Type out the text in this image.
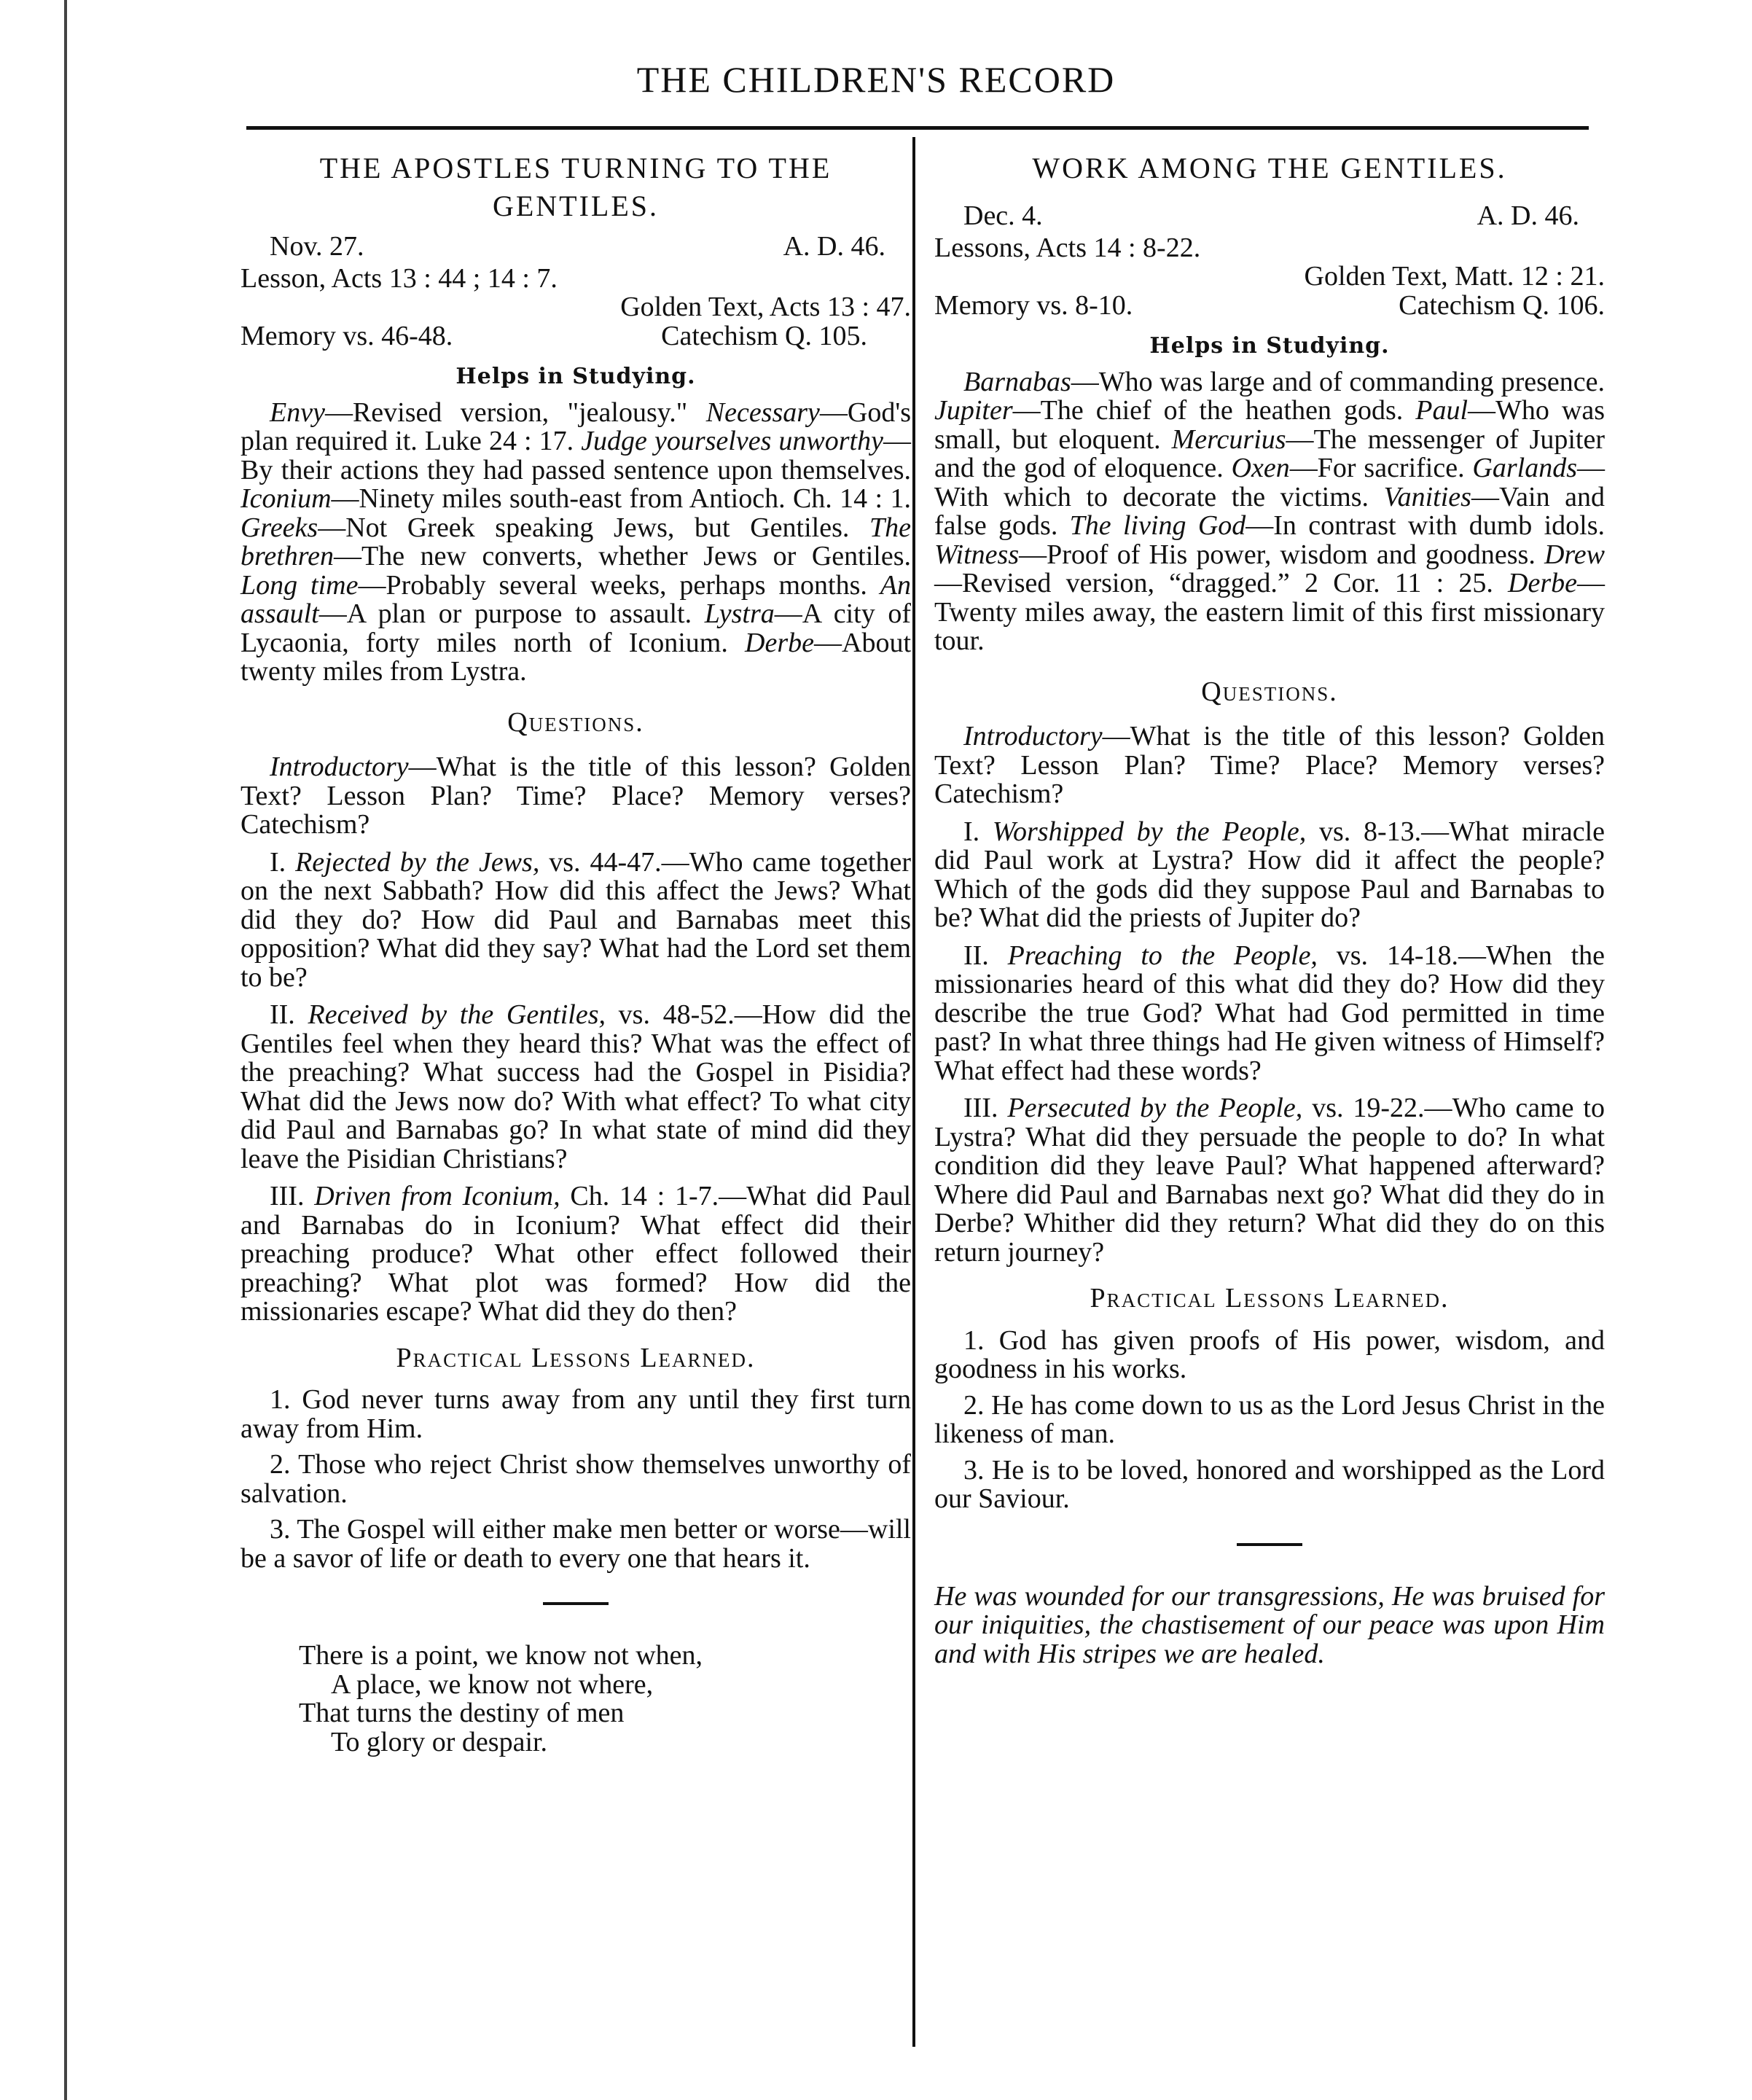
THE CHILDREN'S RECORD
THE APOSTLES TURNING TO THE
GENTILES.
Nov. 27.	A. D. 46.
Lesson, Acts 13 : 44 ; 14 : 7.
Golden Text, Acts 13 : 47.
Memory vs. 46-48.	Catechism Q. 105.
Helps in Studying.

Envy—Revised version, "jealousy." Necessary—God's plan required it. Luke 24 : 17. Judge yourselves unworthy—By their actions they had passed sentence upon themselves. Iconium—Ninety miles south-east from Antioch. Ch. 14 : 1. Greeks—Not Greek speaking Jews, but Gentiles. The brethren—The new converts, whether Jews or Gentiles. Long time—Probably several weeks, perhaps months. An assault—A plan or purpose to assault. Lystra—A city of Lycaonia, forty miles north of Iconium. Derbe—About twenty miles from Lystra.

Questions.

Introductory—What is the title of this lesson? Golden Text? Lesson Plan? Time? Place? Memory verses? Catechism?

I. Rejected by the Jews, vs. 44-47.—Who came together on the next Sabbath? How did this affect the Jews? What did they do? How did Paul and Barnabas meet this opposition? What did they say? What had the Lord set them to be?

II. Received by the Gentiles, vs. 48-52.—How did the Gentiles feel when they heard this? What was the effect of the preaching? What success had the Gospel in Pisidia? What did the Jews now do? With what effect? To what city did Paul and Barnabas go? In what state of mind did they leave the Pisidian Christians?

III. Driven from Iconium, Ch. 14 : 1-7.—What did Paul and Barnabas do in Iconium? What effect did their preaching produce? What other effect followed their preaching? What plot was formed? How did the missionaries escape? What did they do then?

Practical Lessons Learned.

1. God never turns away from any until they first turn away from Him.

2. Those who reject Christ show themselves unworthy of salvation.

3. The Gospel will either make men better or worse—will be a savor of life or death to every one that hears it.

There is a point, we know not when,
A place, we know not where,
That turns the destiny of men
To glory or despair.
WORK AMONG THE GENTILES.
Dec. 4.	A. D. 46.
Lessons, Acts 14 : 8-22.
Golden Text, Matt. 12 : 21.
Memory vs. 8-10.	Catechism Q. 106.
Helps in Studying.

Barnabas—Who was large and of commanding presence. Jupiter—The chief of the heathen gods. Paul—Who was small, but eloquent. Mercurius—The messenger of Jupiter and the god of eloquence. Oxen—For sacrifice. Garlands—With which to decorate the victims. Vanities—Vain and false gods. The living God—In contrast with dumb idols. Witness—Proof of His power, wisdom and goodness. Drew—Revised version, “dragged.” 2 Cor. 11 : 25. Derbe—Twenty miles away, the eastern limit of this first missionary tour.

Questions.

Introductory—What is the title of this lesson? Golden Text? Lesson Plan? Time? Place? Memory verses? Catechism?

I. Worshipped by the People, vs. 8-13.—What miracle did Paul work at Lystra? How did it affect the people? Which of the gods did they suppose Paul and Barnabas to be? What did the priests of Jupiter do?

II. Preaching to the People, vs. 14-18.—When the missionaries heard of this what did they do? How did they describe the true God? What had God permitted in time past? In what three things had He given witness of Himself? What effect had these words?

III. Persecuted by the People, vs. 19-22.—Who came to Lystra? What did they persuade the people to do? In what condition did they leave Paul? What happened afterward? Where did Paul and Barnabas next go? What did they do in Derbe? Whither did they return? What did they do on this return journey?

Practical Lessons Learned.

1. God has given proofs of His power, wisdom, and goodness in his works.

2. He has come down to us as the Lord Jesus Christ in the likeness of man.

3. He is to be loved, honored and worshipped as the Lord our Saviour.

He was wounded for our transgressions, He was bruised for our iniquities, the chastisement of our peace was upon Him and with His stripes we are healed.
